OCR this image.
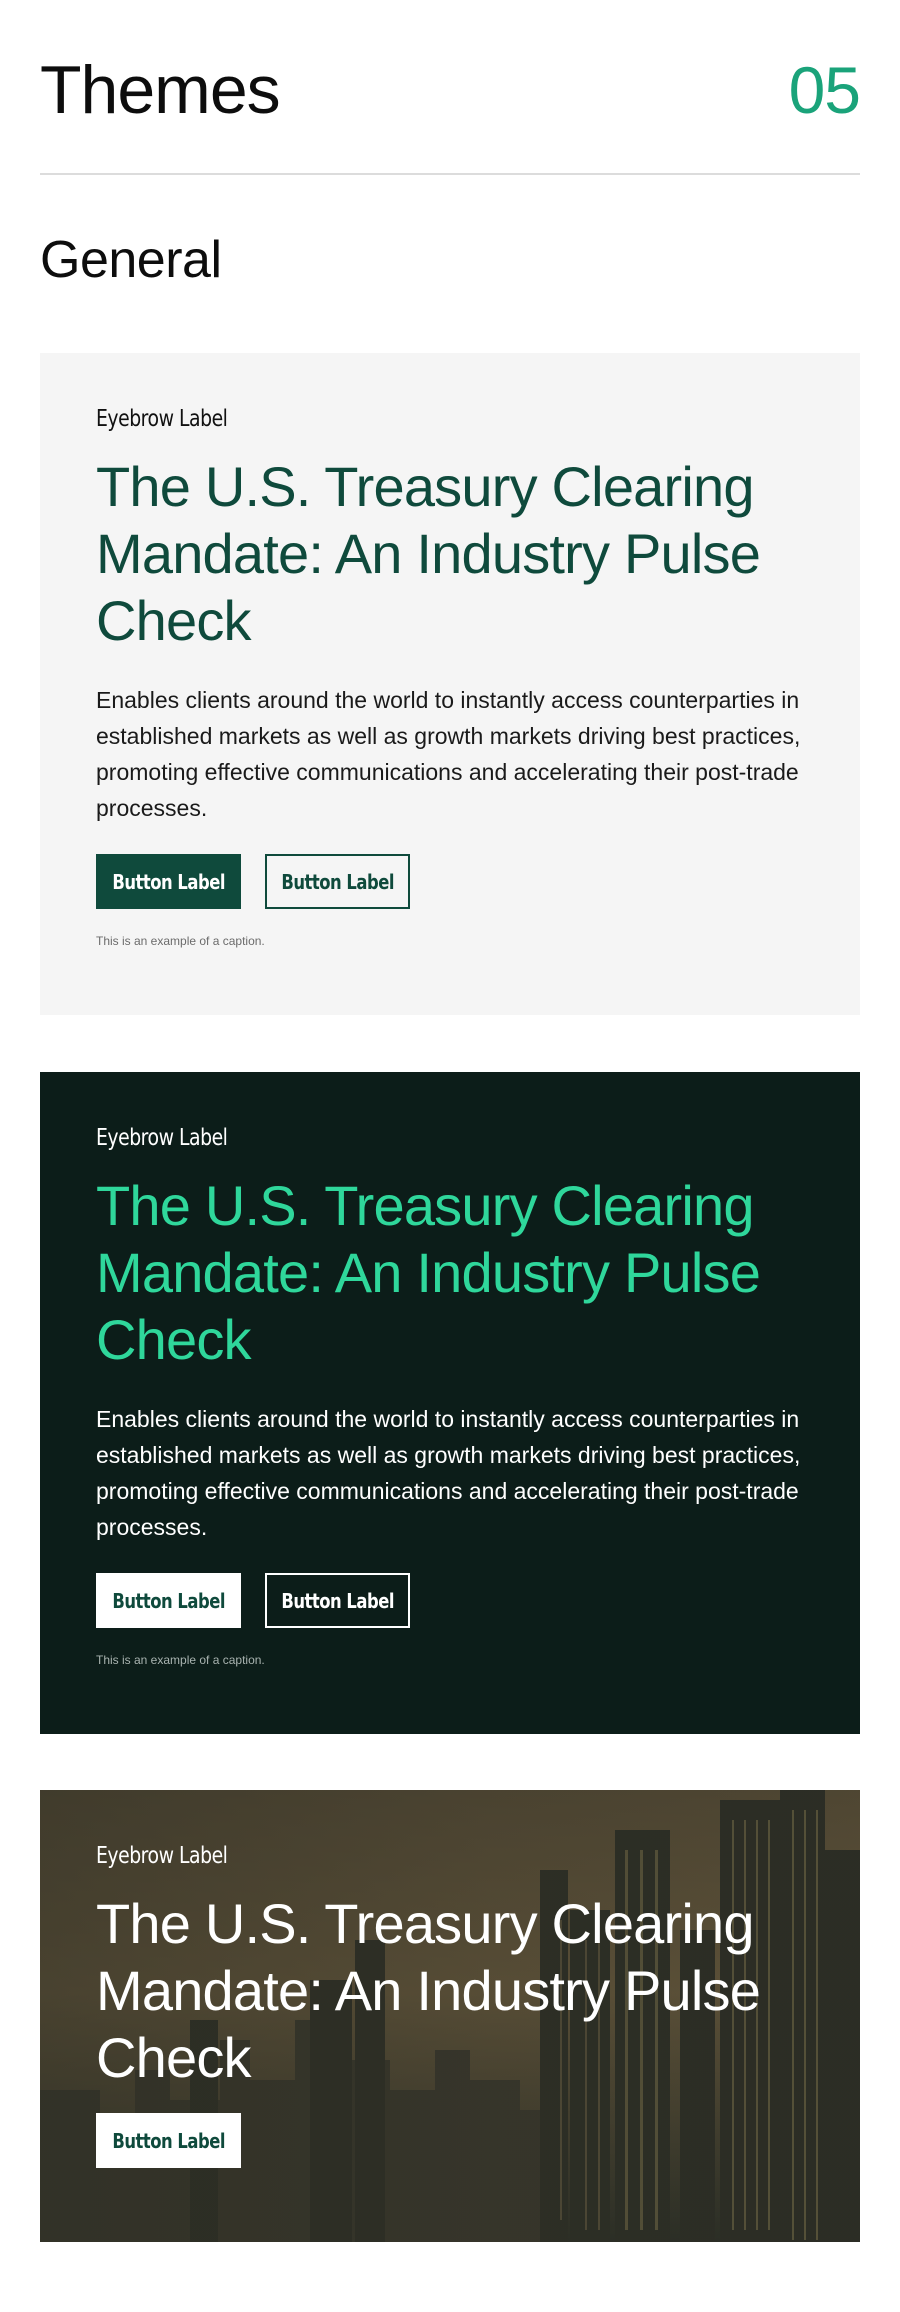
Themes	05
General
Eyebrow Label
The U.S. Treasury Clearing Mandate: An Industry Pulse Check

Enables clients around the world to instantly access counterparties in established markets as well as growth markets driving best practices, promoting effective communications and accelerating their post-trade processes.

Button Label	Button Label

This is an example of a caption.

Eyebrow Label
The U.S. Treasury Clearing Mandate: An Industry Pulse Check

Enables clients around the world to instantly access counterparties in established markets as well as growth markets driving best practices, promoting effective communications and accelerating their post-trade processes.

Button Label	Button Label

This is an example of a caption.

Eyebrow Label
The U.S. Treasury Clearing Mandate: An Industry Pulse Check
Button Label
